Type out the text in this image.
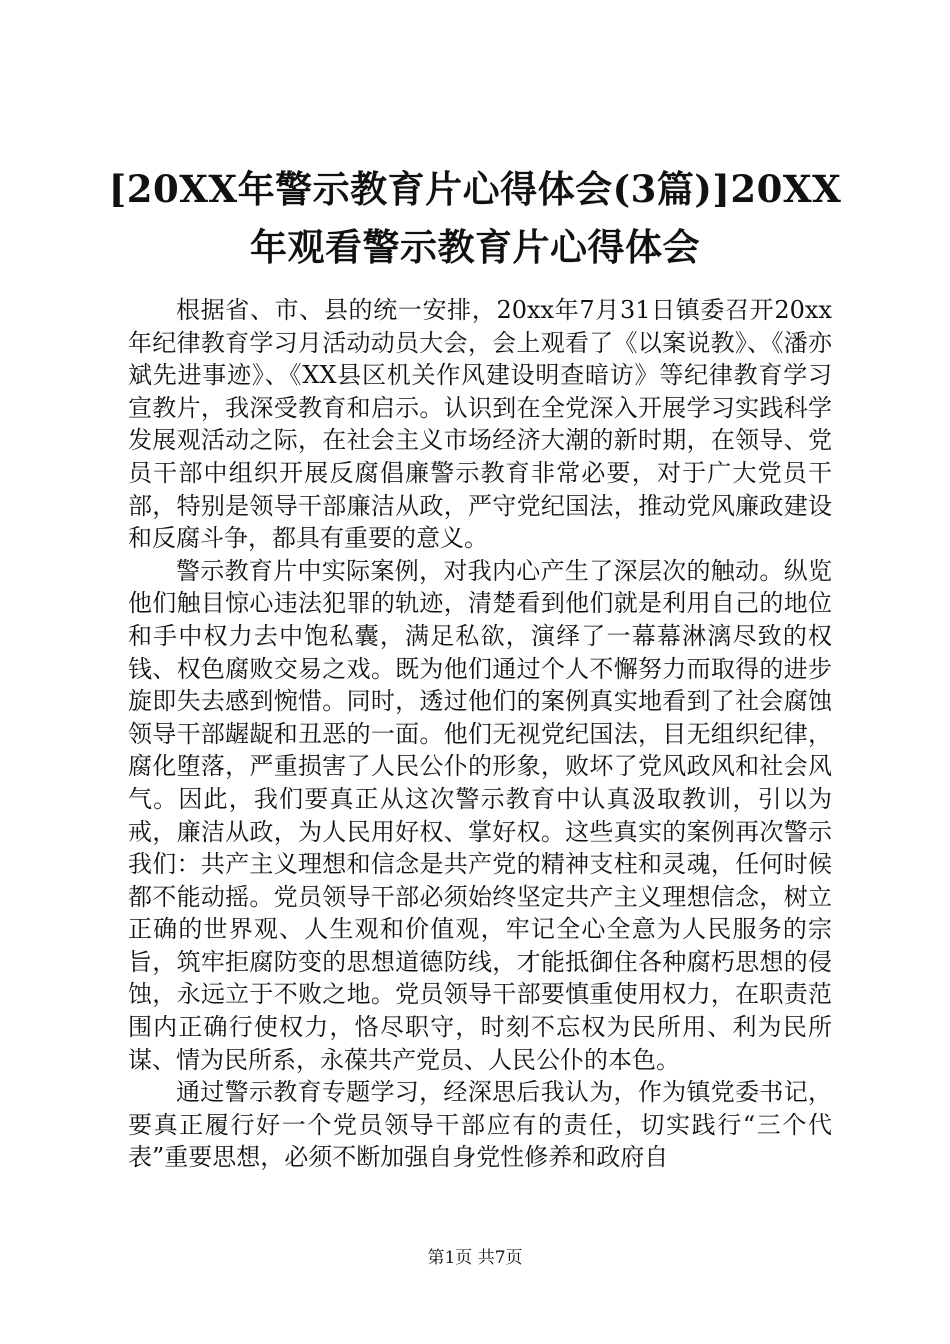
[20XX年警示教育片心得体会(3篇)]20XX年观看警示教育片心得体会

根据省、市、县的统一安排，20xx年7月31日镇委召开20xx年纪律教育学习月活动动员大会，会上观看了《以案说教》、《潘亦斌先进事迹》、《XX县区机关作风建设明查暗访》等纪律教育学习宣教片，我深受教育和启示。认识到在全党深入开展学习实践科学发展观活动之际，在社会主义市场经济大潮的新时期，在领导、党员干部中组织开展反腐倡廉警示教育非常必要，对于广大党员干部，特别是领导干部廉洁从政，严守党纪国法，推动党风廉政建设和反腐斗争，都具有重要的意义。

警示教育片中实际案例，对我内心产生了深层次的触动。纵览他们触目惊心违法犯罪的轨迹，清楚看到他们就是利用自己的地位和手中权力去中饱私囊，满足私欲，演绎了一幕幕淋漓尽致的权钱、权色腐败交易之戏。既为他们通过个人不懈努力而取得的进步旋即失去感到惋惜。同时，透过他们的案例真实地看到了社会腐蚀领导干部龌龊和丑恶的一面。他们无视党纪国法，目无组织纪律，腐化堕落，严重损害了人民公仆的形象，败坏了党风政风和社会风气。因此，我们要真正从这次警示教育中认真汲取教训，引以为戒，廉洁从政，为人民用好权、掌好权。这些真实的案例再次警示我们：共产主义理想和信念是共产党的精神支柱和灵魂，任何时候都不能动摇。党员领导干部必须始终坚定共产主义理想信念，树立正确的世界观、人生观和价值观，牢记全心全意为人民服务的宗旨，筑牢拒腐防变的思想道德防线，才能抵御住各种腐朽思想的侵蚀，永远立于不败之地。党员领导干部要慎重使用权力，在职责范围内正确行使权力，恪尽职守，时刻不忘权为民所用、利为民所谋、情为民所系，永葆共产党员、人民公仆的本色。

通过警示教育专题学习，经深思后我认为，作为镇党委书记，要真正履行好一个党员领导干部应有的责任，切实践行“三个代表”重要思想，必须不断加强自身党性修养和政府自

第1页 共7页
